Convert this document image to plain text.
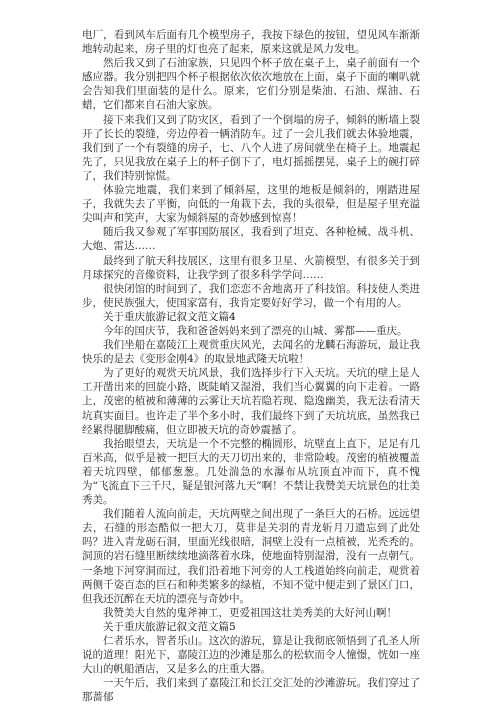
电厂，看到风车后面有几个模型房子，我按下绿色的按钮，望见风车渐渐地转动起来，房子里的灯也亮了起来，原来这就是风力发电。

然后我又到了石油家族，只见四个杯子放在桌子上，桌子前面有一个感应器。我分别把四个杯子根据依次依次地放在上面，桌子下面的喇叭就会告知我们里面装的是什么。原来，它们分别是柴油、石油、煤油、石蜡，它们都来自石油大家族。

接下来我们又到了防灾区，看到了一个倒塌的房子，倾斜的断墙上裂开了长长的裂缝，旁边停着一辆消防车。过了一会儿我们就去体验地震，我们到了一个有裂缝的房子，七、八个人进了房间就坐在椅子上。地震起先了，只见我放在桌子上的杯子倒下了，电灯摇摇摆晃，桌子上的碗打碎了，我们特别惊慌。

体验完地震，我们来到了倾斜屋，这里的地板是倾斜的，刚踏进屋子，我就失去了平衡，向低的一角栽下去，我的头很晕，但是屋子里充溢尖叫声和笑声，大家为倾斜屋的奇妙感到惊喜！

随后我又参观了军事国防展区，我看到了坦克、各种枪械、战斗机、大炮、雷达……

最终到了航天科技展区，这里有很多卫星、火箭模型，有很多关于到月球探究的音像资料，让我学到了很多科学学问……

很快闭馆的时间到了，我们恋恋不舍地离开了科技馆。科技使人类进步，使民族强大，使国家富有，我肯定要好好学习，做一个有用的人。

关于重庆旅游记叙文范文篇4

今年的国庆节，我和爸爸妈妈来到了漂亮的山城、雾都——重庆。

我们坐船在嘉陵江上观赏重庆风光，去闻名的龙麟石海游玩，最让我快乐的是去《变形金刚4》的取景地武隆天坑啦！

为了更好的观赏天坑风景，我们选择步行下入天坑。天坑的壁上是人工开凿出来的回旋小路，既陡峭又湿滑，我们当心翼翼的向下走着。一路上，茂密的植被和薄薄的云雾让天坑若隐若现、隐逸幽美，我无法看清天坑真实面目。也许走了半个多小时，我们最终下到了天坑坑底，虽然我已经累得腿脚酸痛，但立即被天坑的奇妙震撼了。

我抬眼望去，天坑是一个不完整的椭圆形，坑壁直上直下，足足有几百米高，似乎是被一把巨大的天刀切出来的，非常险峻。茂密的植被覆盖着天坑四壁，郁郁葱葱。几处湍急的水瀑布从坑顶直冲而下，真不愧为“飞流直下三千尺，疑是银河落九天”啊！不禁让我赞美天坑景色的壮美秀美。

我们随着人流向前走，天坑两壁之间出现了一条巨大的石桥。远远望去，石缝的形态酷似一把大刀，莫非是关羽的青龙斩月刀遗忘到了此处吗？进入青龙砺石洞，里面光线很暗，洞壁上没有一点植被，光秃秃的。洞顶的岩石缝里断续续地滴落着水珠，使地面特别湿滑，没有一点朝气。一条地下河穿洞而过，我们沿着地下河旁的人工栈道始终向前走，观赏着两侧千姿百态的巨石和种类繁多的绿植，不知不觉中便走到了景区门口，但我还沉醉在天坑的漂亮与奇妙中。

我赞美大自然的鬼斧神工，更爱祖国这壮美秀美的大好河山啊！

关于重庆旅游记叙文范文篇5

仁者乐水，智者乐山。这次的游玩，算是让我彻底领悟到了孔圣人所说的道理！阳光下，嘉陵江边的沙滩是那么的松软而令人憧憬，恍如一座大山的帆船酒店，又是多么的庄重大器。

一天午后，我们来到了嘉陵江和长江交汇处的沙滩游玩。我们穿过了那蔷郁
